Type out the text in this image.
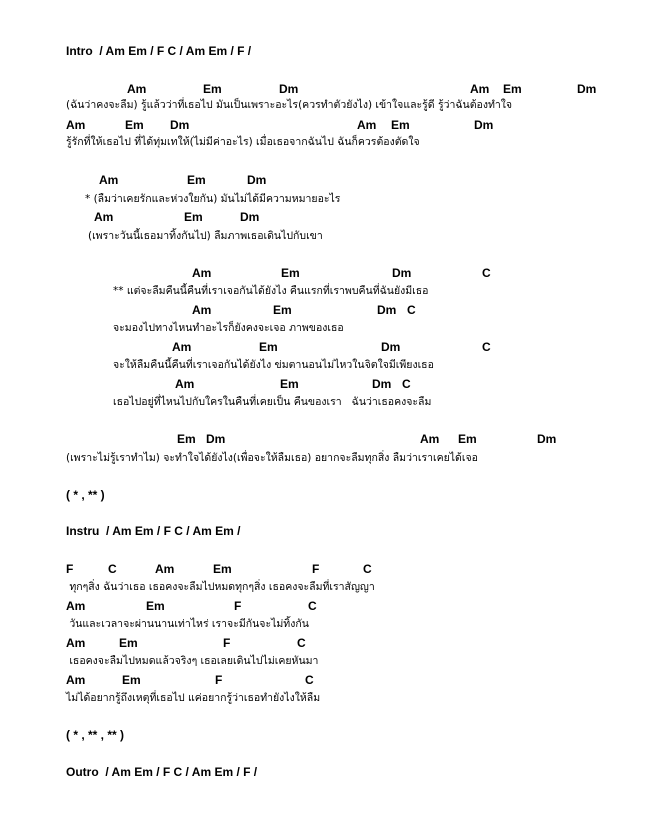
Intro  / Am Em / F C / Am Em / F /
Am	Em	Dm	Am Em	Dm
(ฉันว่าคงจะลืม) รู้แล้วว่าที่เธอไป มันเป็นเพราะอะไร(ควรทำตัวยังไง) เข้าใจและรู้ดี รู้ว่าฉันต้องทำใจ
Am	Em Dm	Am Em	Dm
รู้รักที่ให้เธอไป ที่ได้ทุ่มเทให้(ไม่มีค่าอะไร) เมื่อเธอจากฉันไป ฉันก็ควรต้องตัดใจ
Am	Em	Dm
* (ลืมว่าเคยรักและห่วงใยกัน) มันไม่ได้มีความหมายอะไร
Am	Em	Dm
(เพราะวันนี้เธอมาทิ้งกันไป) ลืมภาพเธอเดินไปกับเขา
Am	Em	Dm	C
** แต่จะลืมคืนนี้คืนที่เราเจอกันได้ยังไง คืนแรกที่เราพบคืนที่ฉันยังมีเธอ
Am	Em	Dm C
จะมองไปทางไหนทำอะไรก็ยังคงจะเจอ ภาพของเธอ
Am	Em	Dm	C
จะให้ลืมคืนนี้คืนที่เราเจอกันได้ยังไง ข่มตานอนไม่ไหวในจิตใจมีเพียงเธอ
Am	Em	Dm C
เธอไปอยู่ที่ไหนไปกับใครในคืนที่เคยเป็น คืนของเรา   ฉันว่าเธอคงจะลืม
Em Dm	Am Em	Dm
(เพราะไม่รู้เราทำไม) จะทำใจได้ยังไง(เพื่อจะให้ลืมเธอ) อยากจะลืมทุกสิ่ง ลืมว่าเราเคยได้เจอ
( * , ** )
Instru  / Am Em / F C / Am Em /
F	C	Am	Em	F	C
ทุกๆสิ่ง ฉันว่าเธอ เธอคงจะลืมไปหมดทุกๆสิ่ง เธอคงจะลืมที่เราสัญญา
Am	Em	F	C
วันและเวลาจะผ่านนานเท่าไหร่ เราจะมีกันจะไม่ทิ้งกัน
Am	Em	F	C
เธอคงจะลืมไปหมดแล้วจริงๆ เธอเลยเดินไปไม่เคยหันมา
Am	Em	F	C
ไม่ได้อยากรู้ถึงเหตุที่เธอไป แค่อยากรู้ว่าเธอทำยังไงให้ลืม
( * , ** , ** )
Outro  / Am Em / F C / Am Em / F /
